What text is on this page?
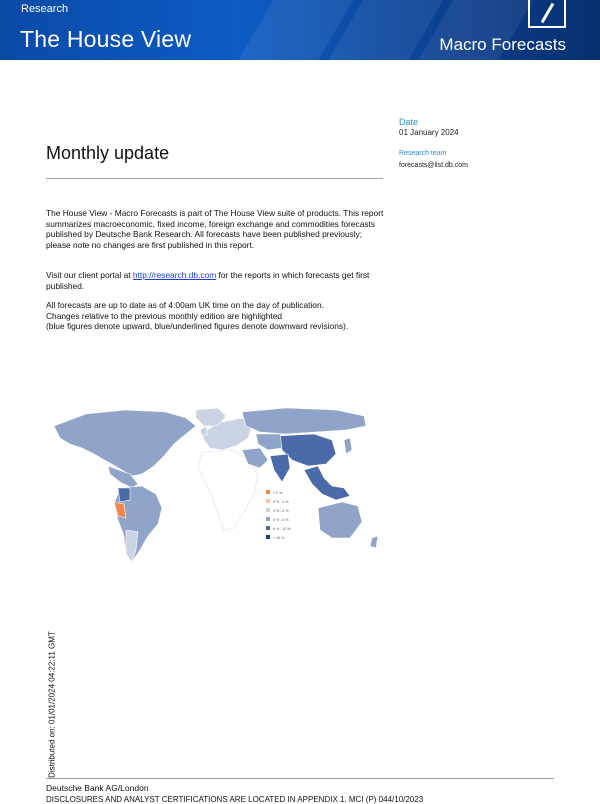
Research
The House View	Macro Forecasts
Date
01 January 2024
Research team
forecasts@list.db.com
Monthly update
The House View - Macro Forecasts is part of The House View suite of products. This report summarizes macroeconomic, fixed income, foreign exchange and commodities forecasts published by Deutsche Bank Research. All forecasts have been published previously; please note no changes are first published in this report.
Visit our client portal at http://research.db.com for the reports in which forecasts get first published.
All forecasts are up to date as of 4:00am UK time on the day of publication.
Changes relative to the previous monthly edition are highlighted
(blue figures denote upward, blue/underlined figures denote downward revisions).
< 0 %
0 % - 2 %
2 % - 4 %
4 % - 6 %
6 % - 10 %
> 10 %
Distributed on: 01/01/2024 04:22:11 GMT
Deutsche Bank AG/London
DISCLOSURES AND ANALYST CERTIFICATIONS ARE LOCATED IN APPENDIX 1. MCI (P) 044/10/2023
